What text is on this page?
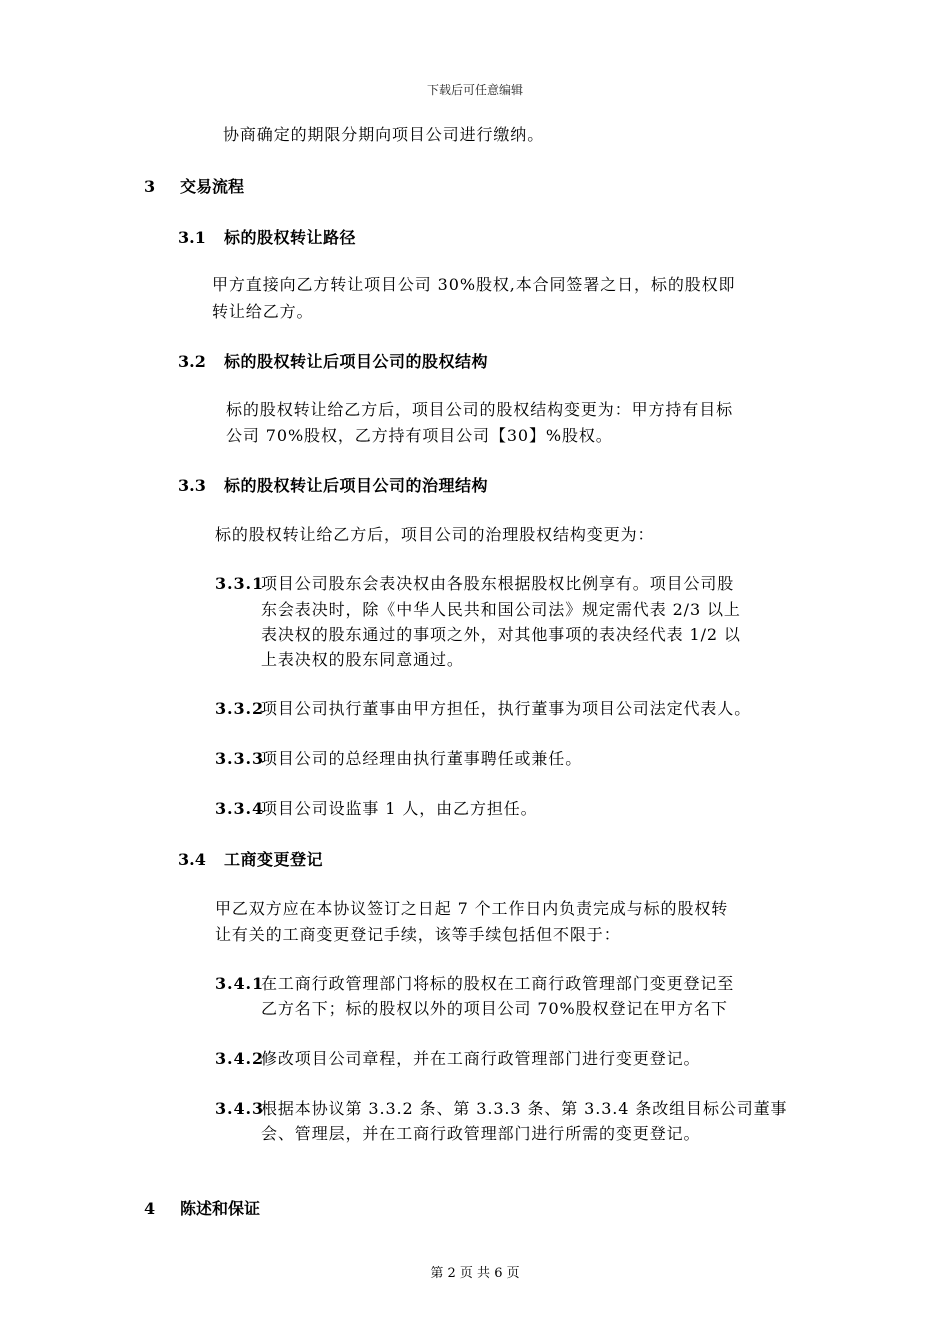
下载后可任意编辑
协商确定的期限分期向项目公司进行缴纳。
3 交易流程
3.1 标的股权转让路径
甲方直接向乙方转让项目公司 30%股权,本合同签署之日，标的股权即
转让给乙方。
3.2 标的股权转让后项目公司的股权结构
标的股权转让给乙方后，项目公司的股权结构变更为：甲方持有目标
公司 70%股权，乙方持有项目公司【30】%股权。
3.3 标的股权转让后项目公司的治理结构
标的股权转让给乙方后，项目公司的治理股权结构变更为：
3.3.1项目公司股东会表决权由各股东根据股权比例享有。项目公司股
东会表决时，除《中华人民共和国公司法》规定需代表 2/3 以上
表决权的股东通过的事项之外，对其他事项的表决经代表 1/2 以
上表决权的股东同意通过。
3.3.2项目公司执行董事由甲方担任，执行董事为项目公司法定代表人。
3.3.3项目公司的总经理由执行董事聘任或兼任。
3.3.4项目公司设监事 1 人，由乙方担任。
3.4 工商变更登记
甲乙双方应在本协议签订之日起 7 个工作日内负责完成与标的股权转
让有关的工商变更登记手续，该等手续包括但不限于：
3.4.1在工商行政管理部门将标的股权在工商行政管理部门变更登记至
乙方名下；标的股权以外的项目公司 70%股权登记在甲方名下
3.4.2修改项目公司章程，并在工商行政管理部门进行变更登记。
3.4.3根据本协议第 3.3.2 条、第 3.3.3 条、第 3.3.4 条改组目标公司董事
会、管理层，并在工商行政管理部门进行所需的变更登记。
4 陈述和保证
第 2 页 共 6 页
